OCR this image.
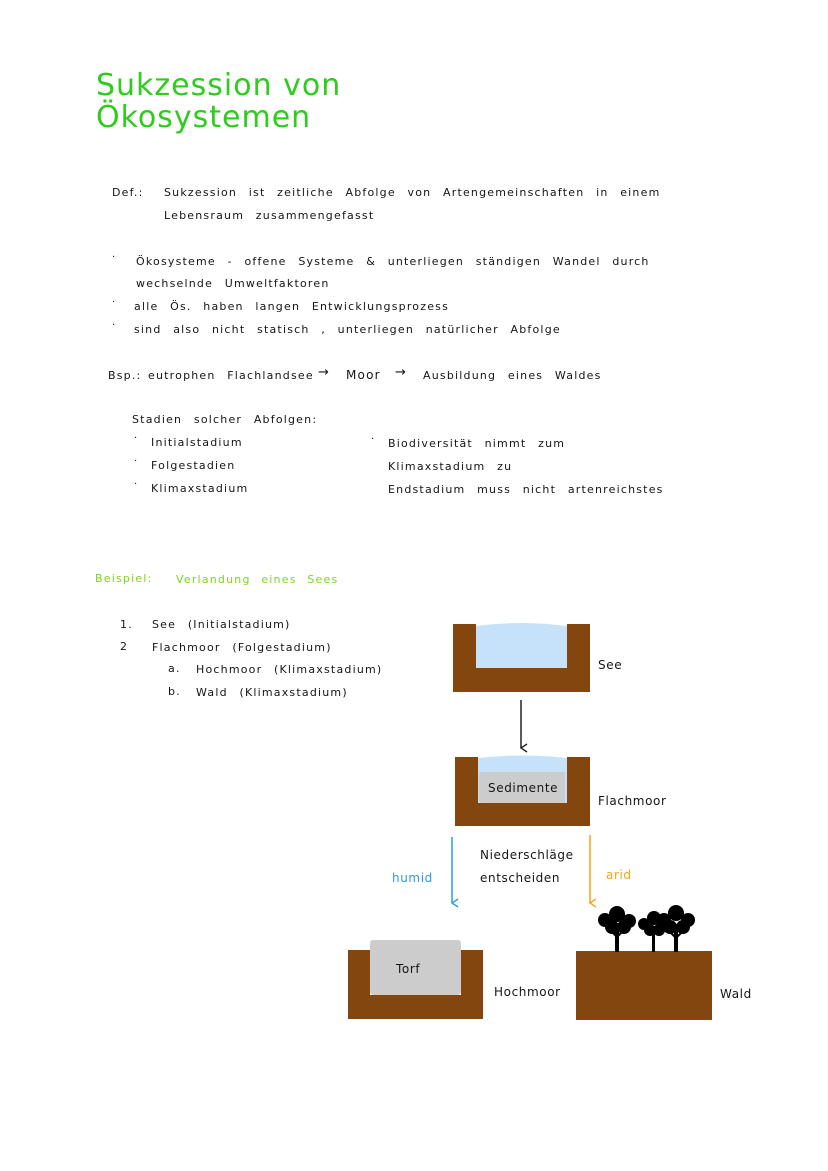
Sukzession von
Ökosystemen
Def.: Sukzession ist zeitliche Abfolge von Artengemeinschaften in einem
Lebensraum zusammengefasst
· Ökosysteme - offene Systeme & unterliegen ständigen Wandel durch
wechselnde Umweltfaktoren
· alle Ös. haben langen Entwicklungsprozess
· sind also nicht statisch , unterliegen natürlicher Abfolge
Bsp.: eutrophen Flachlandsee → Moor → Ausbildung eines Waldes
Stadien solcher Abfolgen:
· Initialstadium
· Folgestadien
· Klimaxstadium
· Biodiversität nimmt zum
Klimaxstadium zu
Endstadium muss nicht artenreichstes
Beispiel: Verlandung eines Sees
1. See (Initialstadium)
2 Flachmoor (Folgestadium)
a. Hochmoor (Klimaxstadium)
b. Wald (Klimaxstadium)
See
Sedimente
Flachmoor
Niederschläge
entscheiden
humid	arid
Torf
Hochmoor	Wald
